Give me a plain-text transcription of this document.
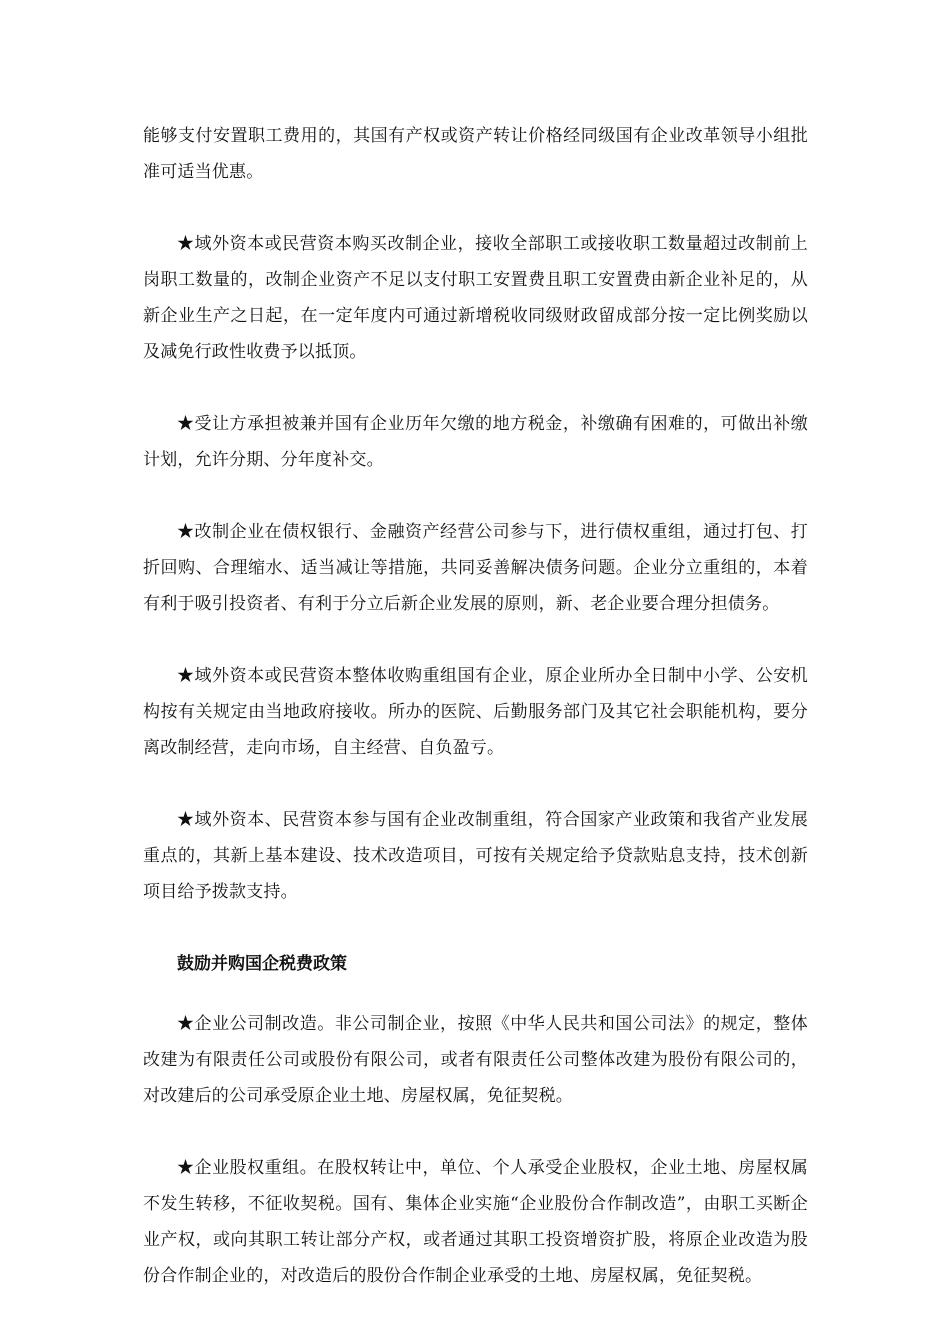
能够支付安置职工费用的，其国有产权或资产转让价格经同级国有企业改革领导小组批准可适当优惠。

★域外资本或民营资本购买改制企业，接收全部职工或接收职工数量超过改制前上岗职工数量的，改制企业资产不足以支付职工安置费且职工安置费由新企业补足的，从新企业生产之日起，在一定年度内可通过新增税收同级财政留成部分按一定比例奖励以及减免行政性收费予以抵顶。

★受让方承担被兼并国有企业历年欠缴的地方税金，补缴确有困难的，可做出补缴计划，允许分期、分年度补交。

★改制企业在债权银行、金融资产经营公司参与下，进行债权重组，通过打包、打折回购、合理缩水、适当减让等措施，共同妥善解决债务问题。企业分立重组的，本着有利于吸引投资者、有利于分立后新企业发展的原则，新、老企业要合理分担债务。

★域外资本或民营资本整体收购重组国有企业，原企业所办全日制中小学、公安机构按有关规定由当地政府接收。所办的医院、后勤服务部门及其它社会职能机构，要分离改制经营，走向市场，自主经营、自负盈亏。

★域外资本、民营资本参与国有企业改制重组，符合国家产业政策和我省产业发展重点的，其新上基本建设、技术改造项目，可按有关规定给予贷款贴息支持，技术创新项目给予拨款支持。

鼓励并购国企税费政策

★企业公司制改造。非公司制企业，按照《中华人民共和国公司法》的规定，整体改建为有限责任公司或股份有限公司，或者有限责任公司整体改建为股份有限公司的，对改建后的公司承受原企业土地、房屋权属，免征契税。

★企业股权重组。在股权转让中，单位、个人承受企业股权，企业土地、房屋权属不发生转移，不征收契税。国有、集体企业实施“企业股份合作制改造”，由职工买断企业产权，或向其职工转让部分产权，或者通过其职工投资增资扩股，将原企业改造为股份合作制企业的，对改造后的股份合作制企业承受的土地、房屋权属，免征契税。
